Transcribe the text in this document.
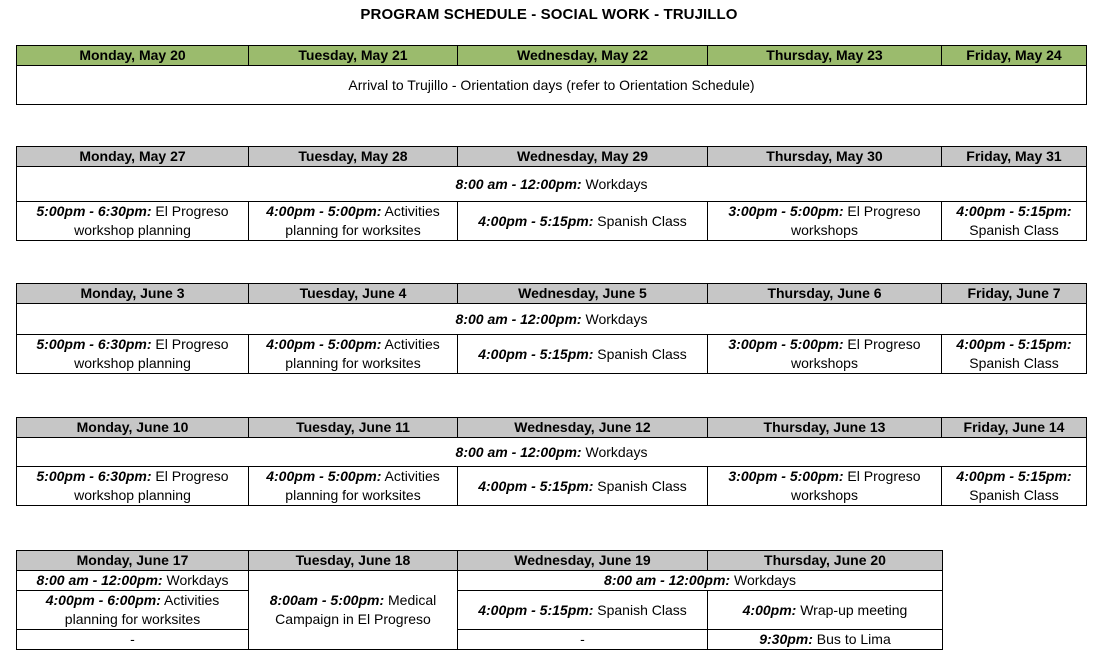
PROGRAM SCHEDULE - SOCIAL WORK - TRUJILLO
Monday, May 20	Tuesday, May 21	Wednesday, May 22	Thursday, May 23	Friday, May 24
Arrival to Trujillo - Orientation days (refer to Orientation Schedule)
Monday, May 27	Tuesday, May 28	Wednesday, May 29	Thursday, May 30	Friday, May 31
8:00 am - 12:00pm: Workdays				
5:00pm - 6:30pm: El Progreso workshop planning	4:00pm - 5:00pm: Activities planning for worksites	4:00pm - 5:15pm: Spanish Class	3:00pm - 5:00pm: El Progreso workshops	4:00pm - 5:15pm: Spanish Class
Monday, June 3	Tuesday, June 4	Wednesday, June 5	Thursday, June 6	Friday, June 7
8:00 am - 12:00pm: Workdays				
5:00pm - 6:30pm: El Progreso workshop planning	4:00pm - 5:00pm: Activities planning for worksites	4:00pm - 5:15pm: Spanish Class	3:00pm - 5:00pm: El Progreso workshops	4:00pm - 5:15pm: Spanish Class
Monday, June 10	Tuesday, June 11	Wednesday, June 12	Thursday, June 13	Friday, June 14
8:00 am - 12:00pm: Workdays				
5:00pm - 6:30pm: El Progreso workshop planning	4:00pm - 5:00pm: Activities planning for worksites	4:00pm - 5:15pm: Spanish Class	3:00pm - 5:00pm: El Progreso workshops	4:00pm - 5:15pm: Spanish Class
Monday, June 17	Tuesday, June 18	Wednesday, June 19	Thursday, June 20
8:00 am - 12:00pm: Workdays	8:00am - 5:00pm: Medical Campaign in El Progreso	8:00 am - 12:00pm: Workdays	
4:00pm - 6:00pm: Activities planning for worksites		4:00pm - 5:15pm: Spanish Class	4:00pm: Wrap-up meeting
-		-	9:30pm: Bus to Lima
